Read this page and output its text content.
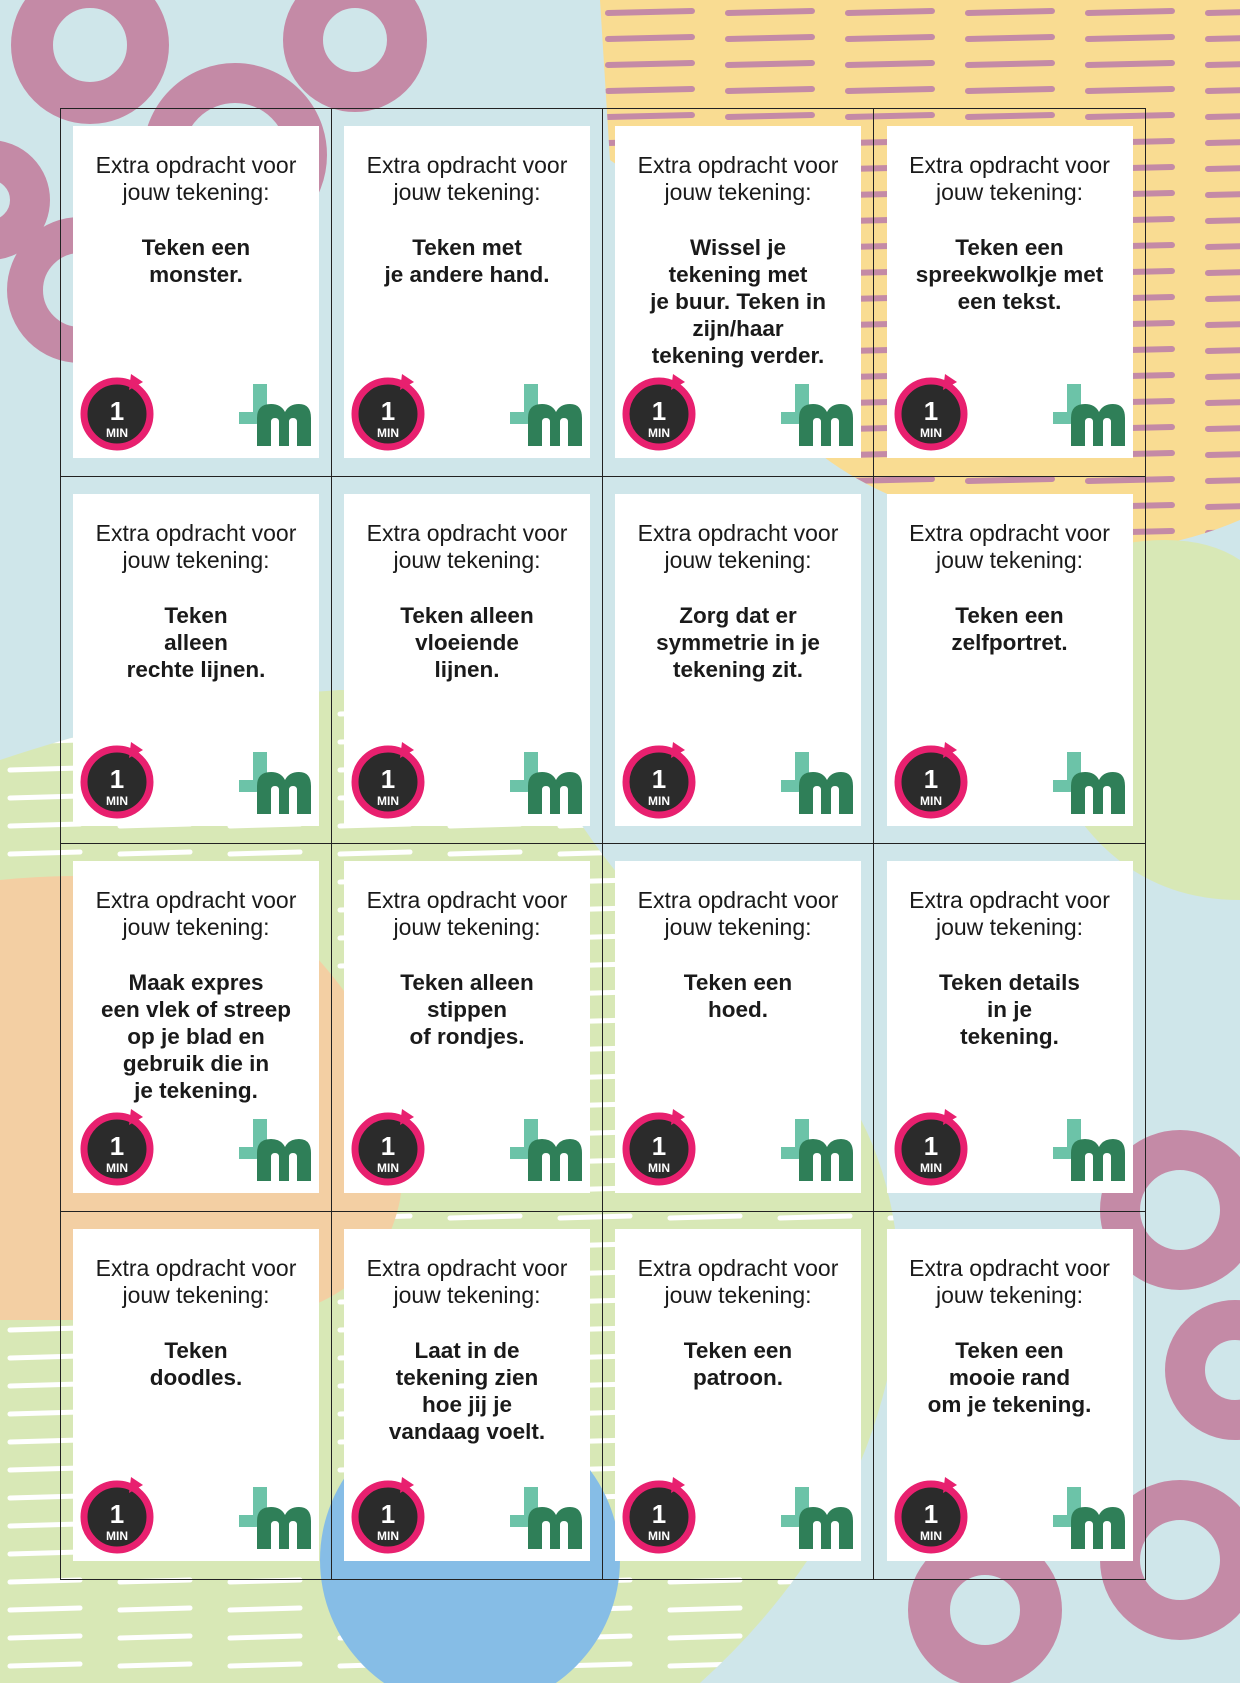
Extra opdracht voor
jouw tekening:
Teken een
monster.
1
MIN
Extra opdracht voor
jouw tekening:
Teken met
je andere hand.
1
MIN
Extra opdracht voor
jouw tekening:
Wissel je
tekening met
je buur. Teken in
zijn/haar
tekening verder.
1
MIN
Extra opdracht voor
jouw tekening:
Teken een
spreekwolkje met
een tekst.
1
MIN
Extra opdracht voor
jouw tekening:
Teken
alleen
rechte lijnen.
1
MIN
Extra opdracht voor
jouw tekening:
Teken alleen
vloeiende
lijnen.
1
MIN
Extra opdracht voor
jouw tekening:
Zorg dat er
symmetrie in je
tekening zit.
1
MIN
Extra opdracht voor
jouw tekening:
Teken een
zelfportret.
1
MIN
Extra opdracht voor
jouw tekening:
Maak expres
een vlek of streep
op je blad en
gebruik die in
je tekening.
1
MIN
Extra opdracht voor
jouw tekening:
Teken alleen
stippen
of rondjes.
1
MIN
Extra opdracht voor
jouw tekening:
Teken een
hoed.
1
MIN
Extra opdracht voor
jouw tekening:
Teken details
in je
tekening.
1
MIN
Extra opdracht voor
jouw tekening:
Teken
doodles.
1
MIN
Extra opdracht voor
jouw tekening:
Laat in de
tekening zien
hoe jij je
vandaag voelt.
1
MIN
Extra opdracht voor
jouw tekening:
Teken een
patroon.
1
MIN
Extra opdracht voor
jouw tekening:
Teken een
mooie rand
om je tekening.
1
MIN
